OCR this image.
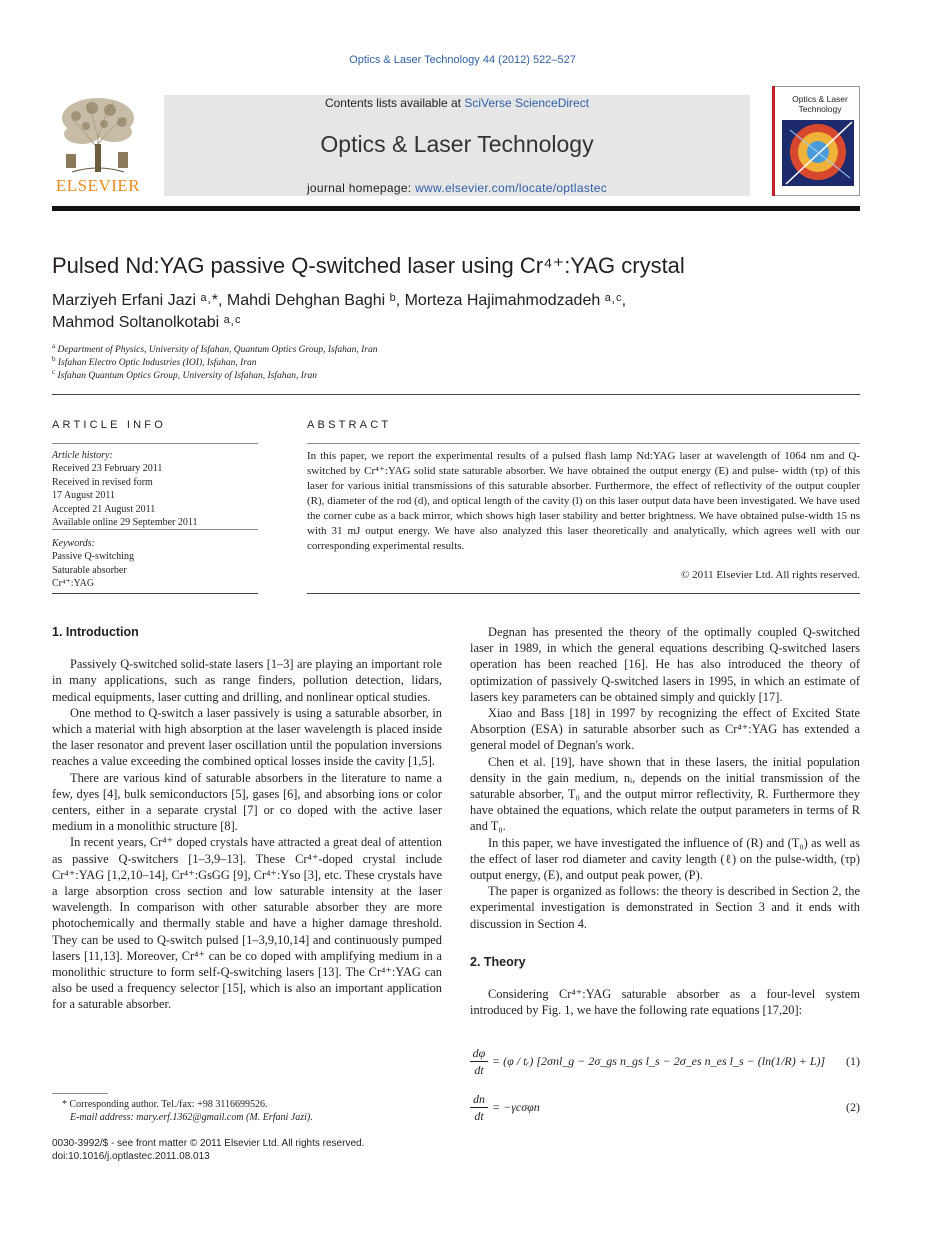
Optics & Laser Technology 44 (2012) 522–527
ELSEVIER
Contents lists available at SciVerse ScienceDirect
Optics & Laser Technology
journal homepage: www.elsevier.com/locate/optlastec
Optics & Laser Technology
Pulsed Nd:YAG passive Q-switched laser using Cr⁴⁺:YAG crystal
Marziyeh Erfani Jazi ᵃ˒*, Mahdi Dehghan Baghi ᵇ, Morteza Hajimahmodzadeh ᵃ˒ᶜ,
Mahmod Soltanolkotabi ᵃ˒ᶜ
$^a$ Department of Physics, University of Isfahan, Quantum Optics Group, Isfahan, Iran
$^b$ Isfahan Electro Optic Industries (IOI), Isfahan, Iran
$^c$ Isfahan Quantum Optics Group, University of Isfahan, Isfahan, Iran
ARTICLE INFO
Article history:
Received 23 February 2011
Received in revised form
17 August 2011
Accepted 21 August 2011
Available online 29 September 2011
Keywords:
Passive Q-switching
Saturable absorber
Cr⁴⁺:YAG
ABSTRACT
In this paper, we report the experimental results of a pulsed flash lamp Nd:YAG laser at wavelength of 1064 nm and Q-switched by Cr⁴⁺:YAG solid state saturable absorber. We have obtained the output energy (E) and pulse- width (τp) of this laser for various initial transmissions of this saturable absorber. Furthermore, the effect of reflectivity of the output coupler (R), diameter of the rod (d), and optical length of the cavity (l) on this laser output data have been investigated. We have used the corner cube as a back mirror, which shows high laser stability and better brightness. We have obtained pulse-width 15 ns with 31 mJ output energy. We have also analyzed this laser theoretically and analytically, which agrees well with our corresponding experimental results.
© 2011 Elsevier Ltd. All rights reserved.
1. Introduction

Passively Q-switched solid-state lasers [1–3] are playing an important role in many applications, such as range finders, pollution detection, lidars, medical equipments, laser cutting and drilling, and nonlinear optical studies.

One method to Q-switch a laser passively is using a saturable absorber, in which a material with high absorption at the laser wavelength is placed inside the laser resonator and prevent laser oscillation until the population inversions reaches a value exceeding the combined optical losses inside the cavity [1,5].

There are various kind of saturable absorbers in the literature to name a few, dyes [4], bulk semiconductors [5], gases [6], and absorbing ions or color centers, either in a separate crystal [7] or co doped with the active laser medium in a monolithic structure [8].

In recent years, Cr⁴⁺ doped crystals have attracted a great deal of attention as passive Q-switchers [1–3,9–13]. These Cr⁴⁺-doped crystal include Cr⁴⁺:YAG [1,2,10–14], Cr⁴⁺:GsGG [9], Cr⁴⁺:Yso [3], etc. These crystals have a large absorption cross section and low saturable intensity at the laser wavelength. In comparison with other saturable absorber they are more photochemically and thermally stable and have a higher damage threshold. They can be used to Q-switch pulsed [1–3,9,10,14] and continuously pumped lasers [11,13]. Moreover, Cr⁴⁺ can be co doped with amplifying medium in a monolithic structure to form self-Q-switching lasers [13]. The Cr⁴⁺:YAG can also be used a frequency selector [15], which is also an important application for a saturable absorber.

Degnan has presented the theory of the optimally coupled Q-switched laser in 1989, in which the general equations describing Q-switched lasers operation has been reached [16]. He has also introduced the theory of optimization of passively Q-switched lasers in 1995, in which an estimate of lasers key parameters can be obtained simply and quickly [17].

Xiao and Bass [18] in 1997 by recognizing the effect of Excited State Absorption (ESA) in saturable absorber such as Cr⁴⁺:YAG has extended a general model of Degnan's work.

Chen et al. [19], have shown that in these lasers, the initial population density in the gain medium, nᵢ, depends on the initial transmission of the saturable absorber, T₀ and the output mirror reflectivity, R. Furthermore they have obtained the equations, which relate the output parameters in terms of R and T₀.

In this paper, we have investigated the influence of (R) and (T₀) as well as the effect of laser rod diameter and cavity length (ℓ) on the pulse-width, (τp) output energy, (E), and output peak power, (P).

The paper is organized as follows: the theory is described in Section 2, the experimental investigation is demonstrated in Section 3 and it ends with discussion in Section 4.

2. Theory

Considering Cr⁴⁺:YAG saturable absorber as a four-level system introduced by Fig. 1, we have the following rate equations [17,20]:

dφ
dt
= (φ / tᵣ) [2σnl_g − 2σ_gs n_gs l_s − 2σ_es n_es l_s − (ln(1/R) + L)] (1)
dn
dt
= −γcσφn	(2)
* Corresponding author. Tel./fax: +98 3116699526.
E-mail address: mary.erf.1362@gmail.com (M. Erfani Jazi).
0030-3992/$ - see front matter © 2011 Elsevier Ltd. All rights reserved.
doi:10.1016/j.optlastec.2011.08.013
